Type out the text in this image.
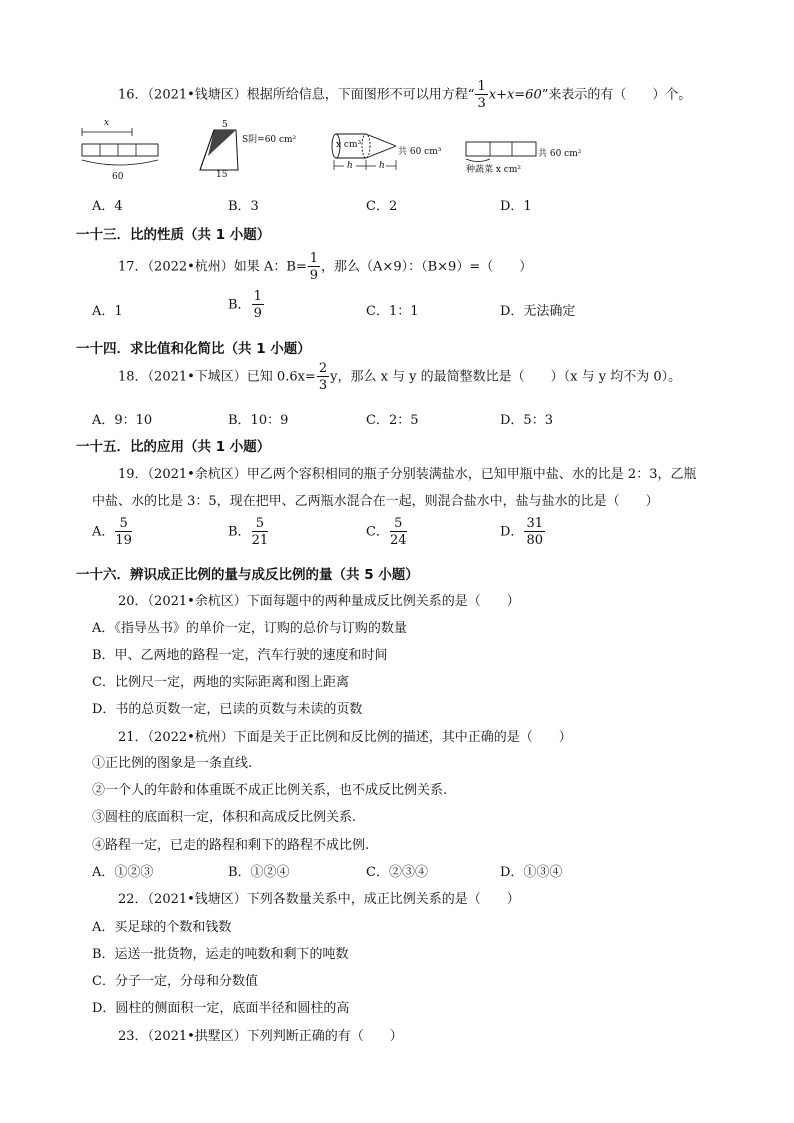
16．（2021•钱塘区）根据所给信息，下面图形不可以用方程“ $\frac{1}{3} x+x=60$”来表示的有（　　）个。
x
60
5
S阴=60 cm²
x cm²
15
x cm³
共 60 cm³
h	h
共 60 cm²
种蔬菜 x cm²
A．4	B．3	C．2	D．1
一十三．比的性质（共 1 小题）
17．（2022•杭州）如果 A：$B= \frac{1}{9}$ ，那么（A×9）：（B×9）=（　　）
A．1	B． $\frac{1}{9}$	C．1：1	D．无法确定
一十四．求比值和化简比（共 1 小题）
18．（2021•下城区）已知 $0.6x= \frac{2}{3}$ y，那么 x 与 y 的最简整数比是（　　）（x 与 y 均不为 0）。
A．9：10	B．10：9	C．2：5	D．5：3
一十五．比的应用（共 1 小题）
19．（2021•余杭区）甲乙两个容积相同的瓶子分别装满盐水，已知甲瓶中盐、水的比是 2：3，乙瓶
中盐、水的比是 3：5，现在把甲、乙两瓶水混合在一起，则混合盐水中，盐与盐水的比是（　　）
A． $\frac{5}{19}$	B． $\frac{5}{21}$	C． $\frac{5}{24}$	D． $\frac{31}{80}$
一十六．辨识成正比例的量与成反比例的量（共 5 小题）
20．（2021•余杭区）下面每题中的两种量成反比例关系的是（　　）
A．《指导丛书》的单价一定，订购的总价与订购的数量
B．甲、乙两地的路程一定，汽车行驶的速度和时间
C．比例尺一定，两地的实际距离和图上距离
D．书的总页数一定，已读的页数与未读的页数
21．（2022•杭州）下面是关于正比例和反比例的描述，其中正确的是（　　）
①正比例的图象是一条直线.
②一个人的年龄和体重既不成正比例关系，也不成反比例关系.
③圆柱的底面积一定，体积和高成反比例关系.
④路程一定，已走的路程和剩下的路程不成比例.
A．①②③	B．①②④	C．②③④	D．①③④
22．（2021•钱塘区）下列各数量关系中，成正比例关系的是（　　）
A．买足球的个数和钱数
B．运送一批货物，运走的吨数和剩下的吨数
C．分子一定，分母和分数值
D．圆柱的侧面积一定，底面半径和圆柱的高
23．（2021•拱墅区）下列判断正确的有（　　）
